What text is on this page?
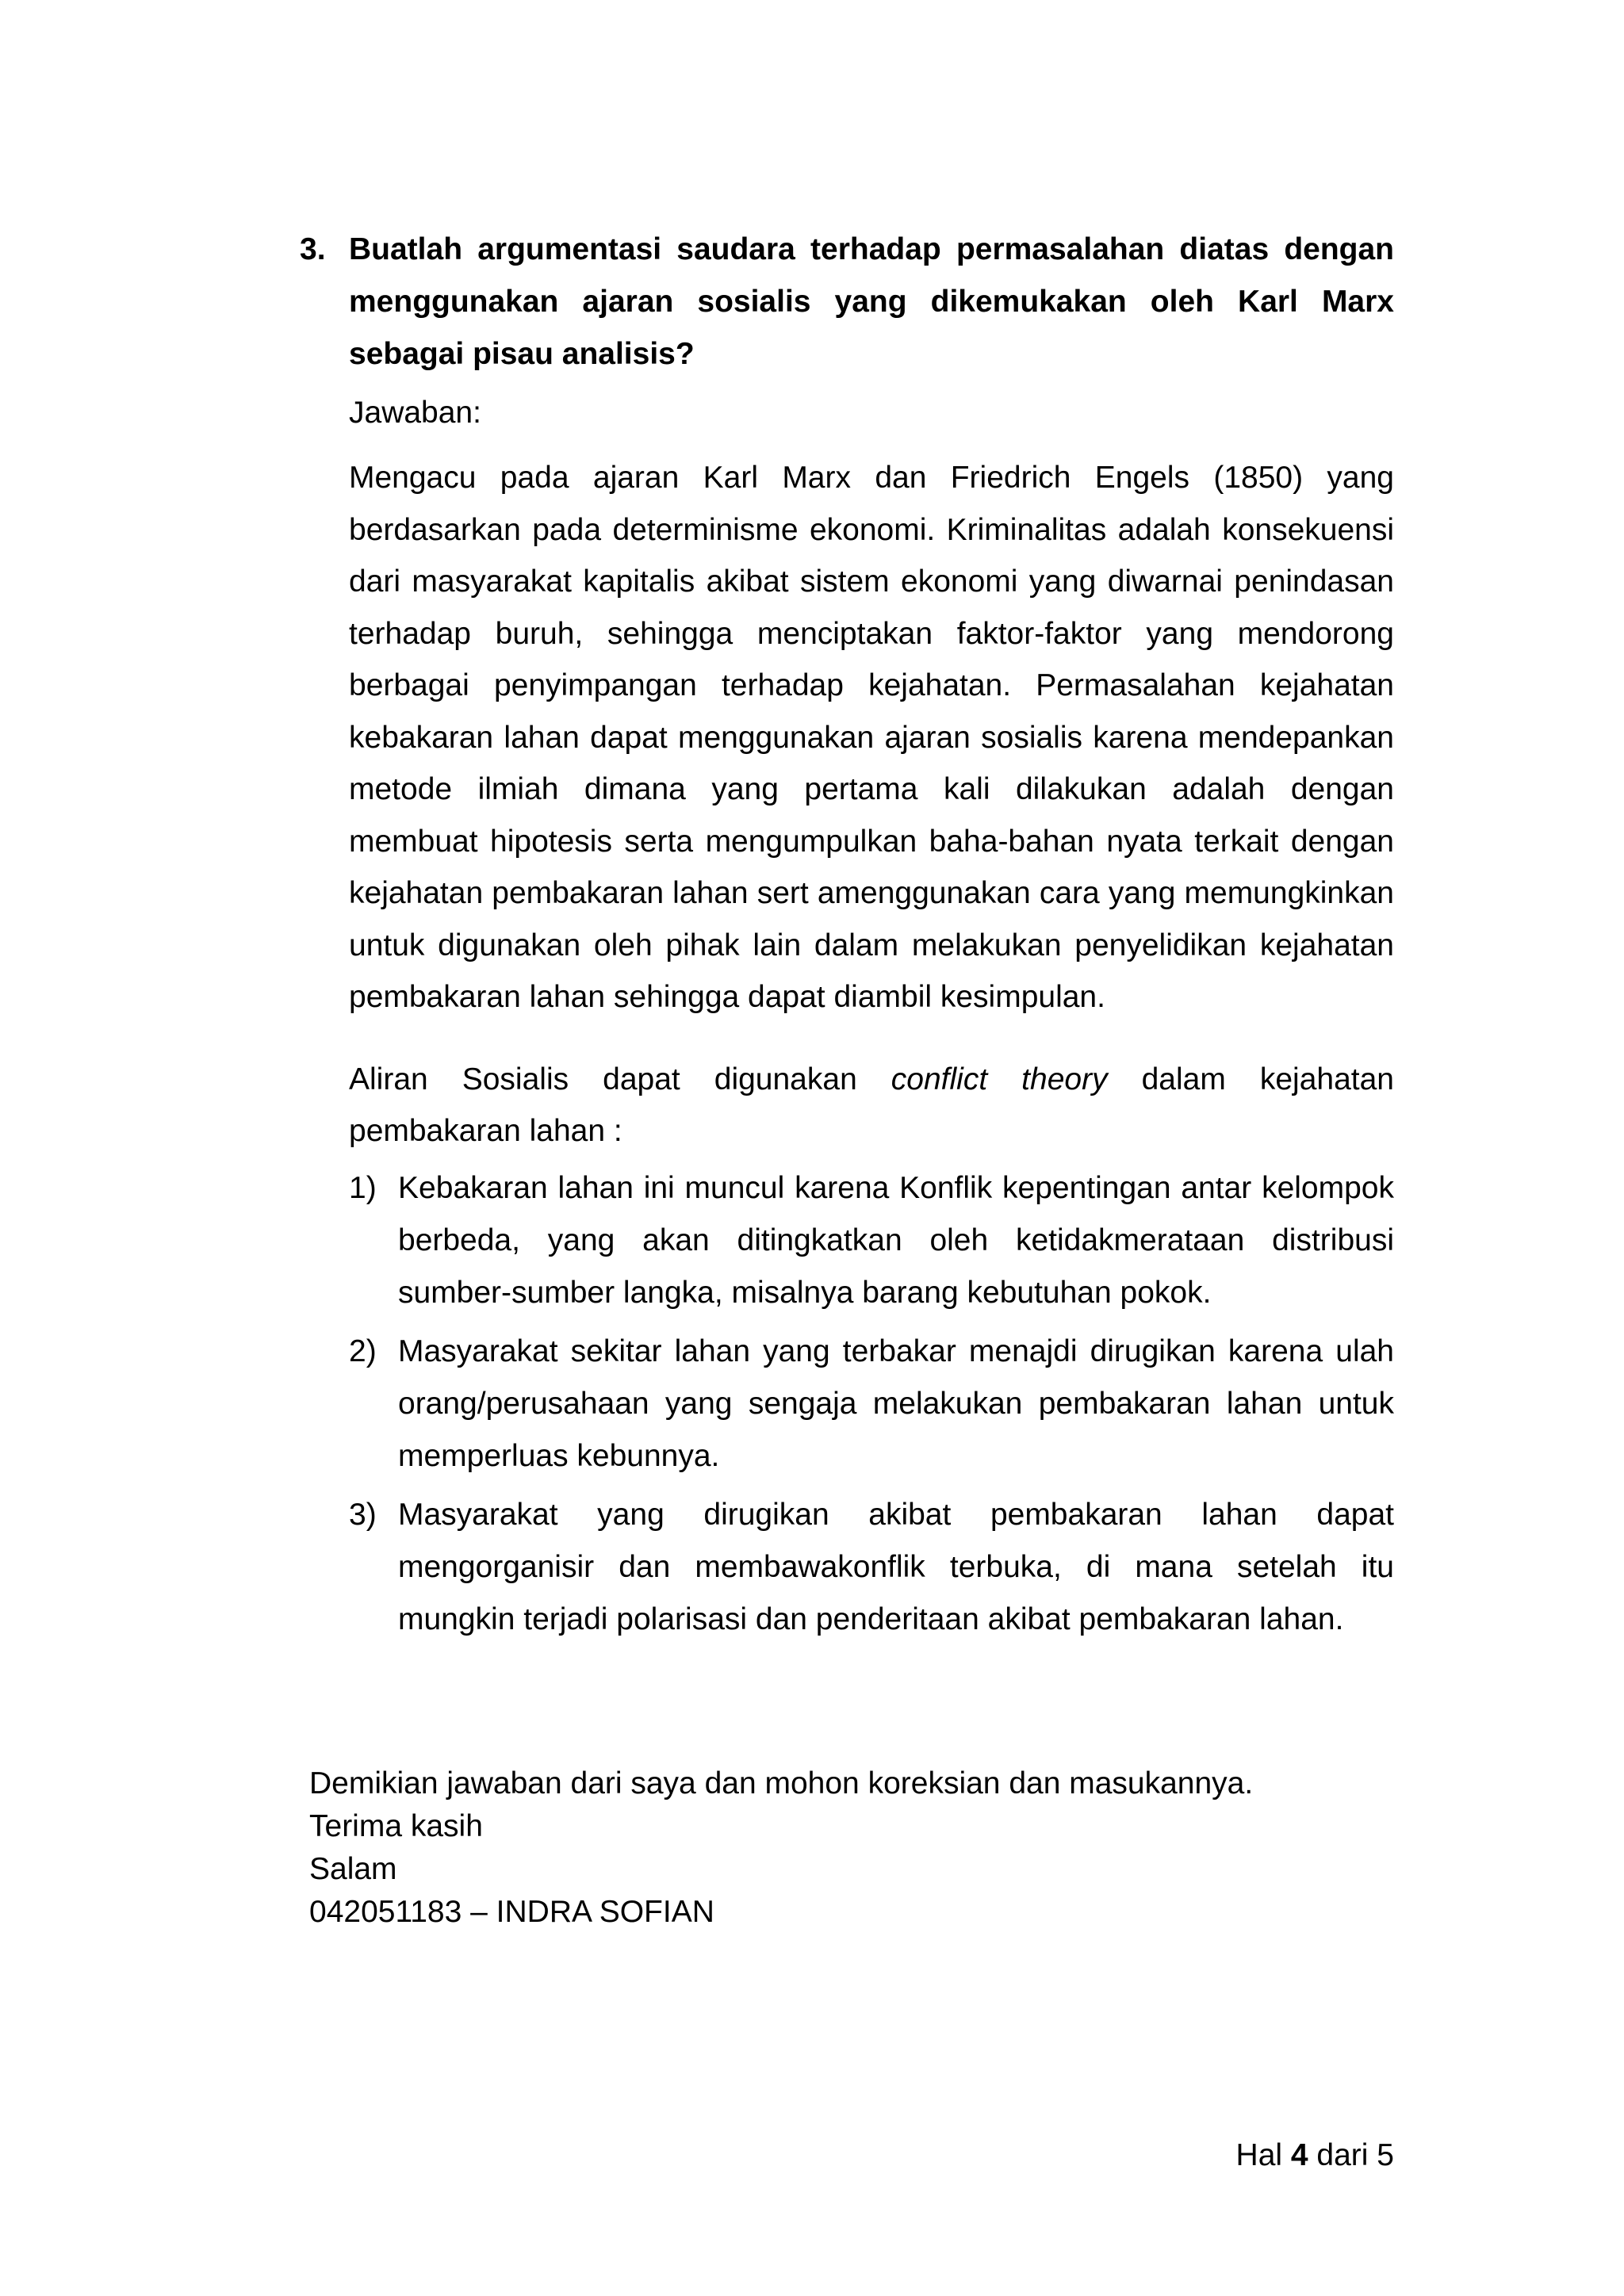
3. Buatlah argumentasi saudara terhadap permasalahan diatas dengan menggunakan ajaran sosialis yang dikemukakan oleh Karl Marx sebagai pisau analisis?
Jawaban:
Mengacu pada ajaran Karl Marx dan Friedrich Engels (1850) yang berdasarkan pada determinisme ekonomi. Kriminalitas adalah konsekuensi dari masyarakat kapitalis akibat sistem ekonomi yang diwarnai penindasan terhadap buruh, sehingga menciptakan faktor-faktor yang mendorong berbagai penyimpangan terhadap kejahatan. Permasalahan kejahatan kebakaran lahan dapat menggunakan ajaran sosialis karena mendepankan metode ilmiah dimana yang pertama kali dilakukan adalah dengan membuat hipotesis serta mengumpulkan baha-bahan nyata terkait dengan kejahatan pembakaran lahan sert amenggunakan cara yang memungkinkan untuk digunakan oleh pihak lain dalam melakukan penyelidikan kejahatan pembakaran lahan sehingga dapat diambil kesimpulan.
Aliran Sosialis dapat digunakan conflict theory dalam kejahatan pembakaran lahan :
1) Kebakaran lahan ini muncul karena Konflik kepentingan antar kelompok berbeda, yang akan ditingkatkan oleh ketidakmerataan distribusi sumber-sumber langka, misalnya barang kebutuhan pokok.
2) Masyarakat sekitar lahan yang terbakar menajdi dirugikan karena ulah orang/perusahaan yang sengaja melakukan pembakaran lahan untuk memperluas kebunnya.
3) Masyarakat yang dirugikan akibat pembakaran lahan dapat mengorganisir dan membawakonflik terbuka, di mana setelah itu mungkin terjadi polarisasi dan penderitaan akibat pembakaran lahan.
Demikian jawaban dari saya dan mohon koreksian dan masukannya.
Terima kasih
Salam
042051183 – INDRA SOFIAN
Hal 4 dari 5
